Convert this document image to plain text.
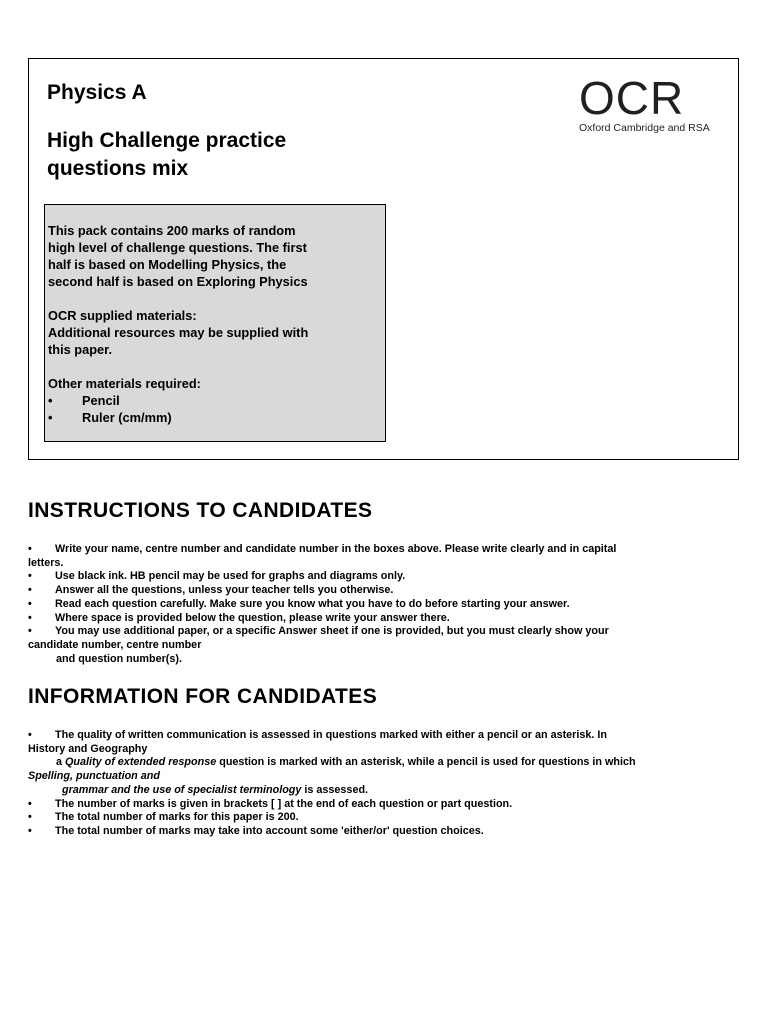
Physics A
High Challenge practice
questions mix
OCR
Oxford Cambridge and RSA

This pack contains 200 marks of random

high level of challenge questions. The first

half is based on Modelling Physics, the

second half is based on Exploring Physics

OCR supplied materials:

Additional resources may be supplied with

this paper.

Other materials required:

•	Pencil
•	Ruler (cm/mm)
INSTRUCTIONS TO CANDIDATES
• Write your name, centre number and candidate number in the boxes above. Please write clearly and in capital
letters.
• Use black ink. HB pencil may be used for graphs and diagrams only.
• Answer all the questions, unless your teacher tells you otherwise.
• Read each question carefully. Make sure you know what you have to do before starting your answer.
• Where space is provided below the question, please write your answer there.
• You may use additional paper, or a specific Answer sheet if one is provided, but you must clearly show your
candidate number, centre number
and question number(s).
INFORMATION FOR CANDIDATES
• The quality of written communication is assessed in questions marked with either a pencil or an asterisk. In
History and Geography
a Quality of extended response question is marked with an asterisk, while a pencil is used for questions in which
Spelling, punctuation and
grammar and the use of specialist terminology is assessed.
• The number of marks is given in brackets [ ] at the end of each question or part question.
• The total number of marks for this paper is 200.
• The total number of marks may take into account some 'either/or' question choices.
